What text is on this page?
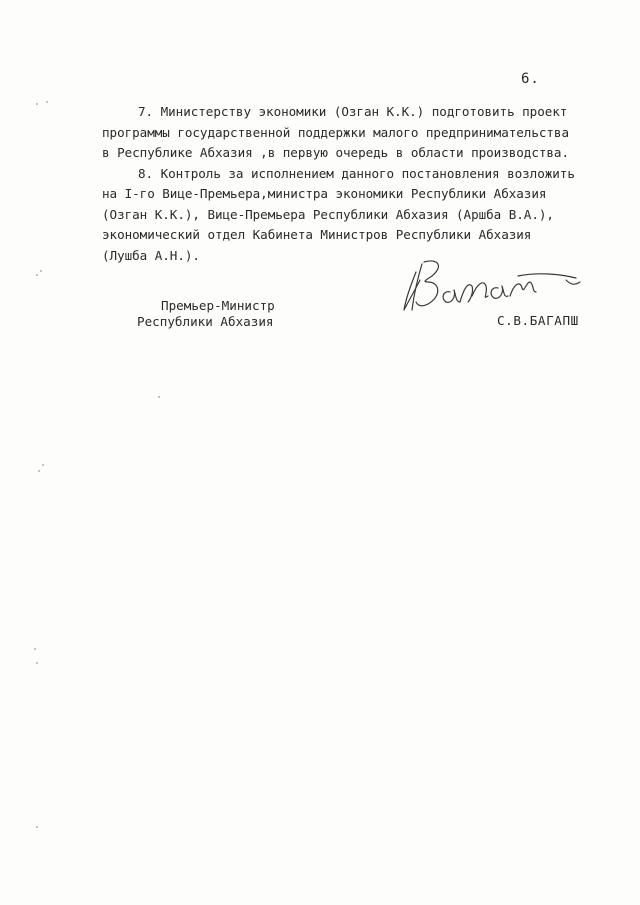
6.
7. Министерству экономики (Озган К.К.) подготовить проект
программы государственной поддержки малого предпринимательства
в Республике Абхазия ,в первую очередь в области производства.
8. Контроль за исполнением данного постановления возложить
на I-го Вице-Премьера,министра экономики Республики Абхазия
(Озган К.К.), Вице-Премьера Республики Абхазия (Аршба В.А.),
экономический отдел Кабинета Министров Республики Абхазия
(Лушба А.Н.).
Премьер-Министр
Республики Абхазия	С.В.БАГАПШ
